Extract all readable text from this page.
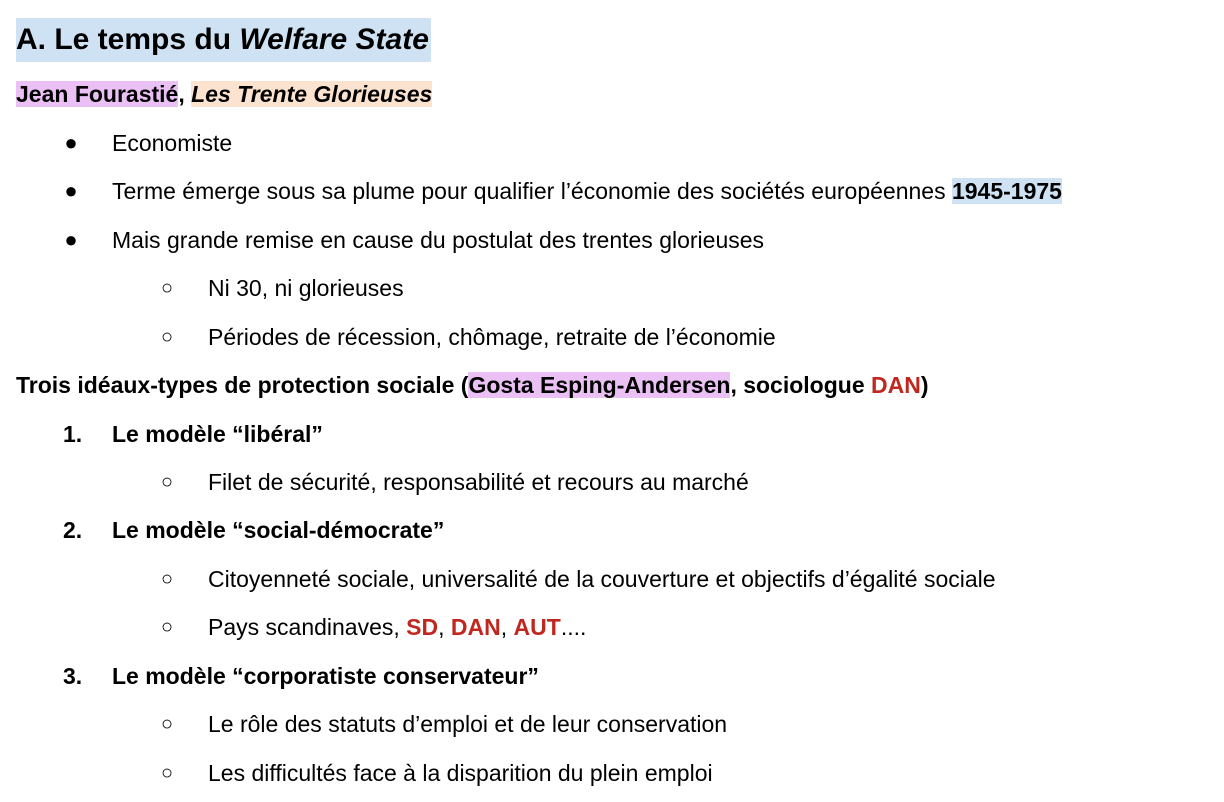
A. Le temps du Welfare State
Jean Fourastié, Les Trente Glorieuses
● Economiste
● Terme émerge sous sa plume pour qualifier l’économie des sociétés européennes 1945-1975
● Mais grande remise en cause du postulat des trentes glorieuses
○ Ni 30, ni glorieuses
○ Périodes de récession, chômage, retraite de l’économie
Trois idéaux-types de protection sociale (Gosta Esping-Andersen, sociologue DAN)
1. Le modèle “libéral”
○ Filet de sécurité, responsabilité et recours au marché
2. Le modèle “social-démocrate”
○ Citoyenneté sociale, universalité de la couverture et objectifs d’égalité sociale
○ Pays scandinaves, SD, DAN, AUT....
3. Le modèle “corporatiste conservateur”
○ Le rôle des statuts d’emploi et de leur conservation
○ Les difficultés face à la disparition du plein emploi
